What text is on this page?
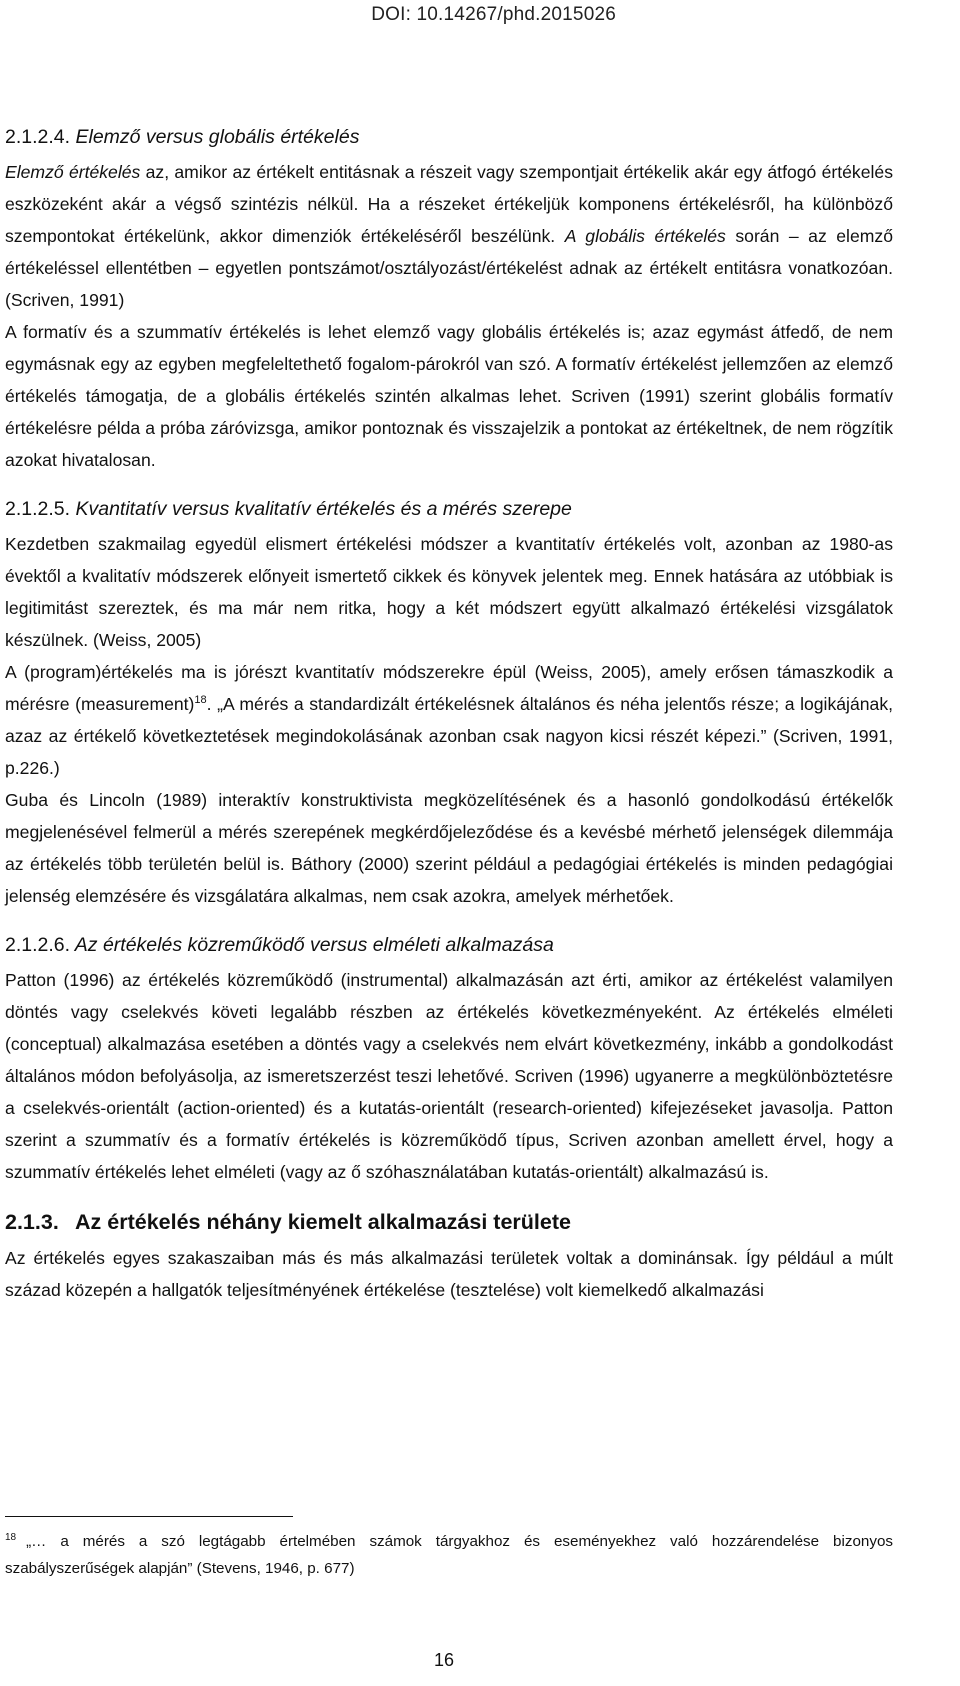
DOI: 10.14267/phd.2015026
2.1.2.4. Elemző versus globális értékelés

Elemző értékelés az, amikor az értékelt entitásnak a részeit vagy szempontjait értékelik akár egy átfogó értékelés eszközeként akár a végső szintézis nélkül. Ha a részeket értékeljük komponens értékelésről, ha különböző szempontokat értékelünk, akkor dimenziók értékeléséről beszélünk. A globális értékelés során – az elemző értékeléssel ellentétben – egyetlen pontszámot/osztályozást/értékelést adnak az értékelt entitásra vonatkozóan. (Scriven, 1991)

A formatív és a szummatív értékelés is lehet elemző vagy globális értékelés is; azaz egymást átfedő, de nem egymásnak egy az egyben megfeleltethető fogalom-párokról van szó. A formatív értékelést jellemzően az elemző értékelés támogatja, de a globális értékelés szintén alkalmas lehet. Scriven (1991) szerint globális formatív értékelésre példa a próba záróvizsga, amikor pontoznak és visszajelzik a pontokat az értékeltnek, de nem rögzítik azokat hivatalosan.

2.1.2.5. Kvantitatív versus kvalitatív értékelés és a mérés szerepe

Kezdetben szakmailag egyedül elismert értékelési módszer a kvantitatív értékelés volt, azonban az 1980-as évektől a kvalitatív módszerek előnyeit ismertető cikkek és könyvek jelentek meg. Ennek hatására az utóbbiak is legitimitást szereztek, és ma már nem ritka, hogy a két módszert együtt alkalmazó értékelési vizsgálatok készülnek. (Weiss, 2005)

A (program)értékelés ma is jórészt kvantitatív módszerekre épül (Weiss, 2005), amely erősen támaszkodik a mérésre (measurement)$^{18}$. „A mérés a standardizált értékelésnek általános és néha jelentős része; a logikájának, azaz az értékelő következtetések megindokolásának azonban csak nagyon kicsi részét képezi.” (Scriven, 1991, p.226.)

Guba és Lincoln (1989) interaktív konstruktivista megközelítésének és a hasonló gondolkodású értékelők megjelenésével felmerül a mérés szerepének megkérdőjeleződése és a kevésbé mérhető jelenségek dilemmája az értékelés több területén belül is. Báthory (2000) szerint például a pedagógiai értékelés is minden pedagógiai jelenség elemzésére és vizsgálatára alkalmas, nem csak azokra, amelyek mérhetőek.

2.1.2.6. Az értékelés közreműködő versus elméleti alkalmazása

Patton (1996) az értékelés közreműködő (instrumental) alkalmazásán azt érti, amikor az értékelést valamilyen döntés vagy cselekvés követi legalább részben az értékelés következményeként. Az értékelés elméleti (conceptual) alkalmazása esetében a döntés vagy a cselekvés nem elvárt következmény, inkább a gondolkodást általános módon befolyásolja, az ismeretszerzést teszi lehetővé. Scriven (1996) ugyanerre a megkülönböztetésre a cselekvés-orientált (action-oriented) és a kutatás-orientált (research-oriented) kifejezéseket javasolja. Patton szerint a szummatív és a formatív értékelés is közreműködő típus, Scriven azonban amellett érvel, hogy a szummatív értékelés lehet elméleti (vagy az ő szóhasználatában kutatás-orientált) alkalmazású is.

2.1.3. Az értékelés néhány kiemelt alkalmazási területe

Az értékelés egyes szakaszaiban más és más alkalmazási területek voltak a dominánsak. Így például a múlt század közepén a hallgatók teljesítményének értékelése (tesztelése) volt kiemelkedő alkalmazási

$^{18}$ „… a mérés a szó legtágabb értelmében számok tárgyakhoz és eseményekhez való hozzárendelése bizonyos szabályszerűségek alapján” (Stevens, 1946, p. 677)
16
